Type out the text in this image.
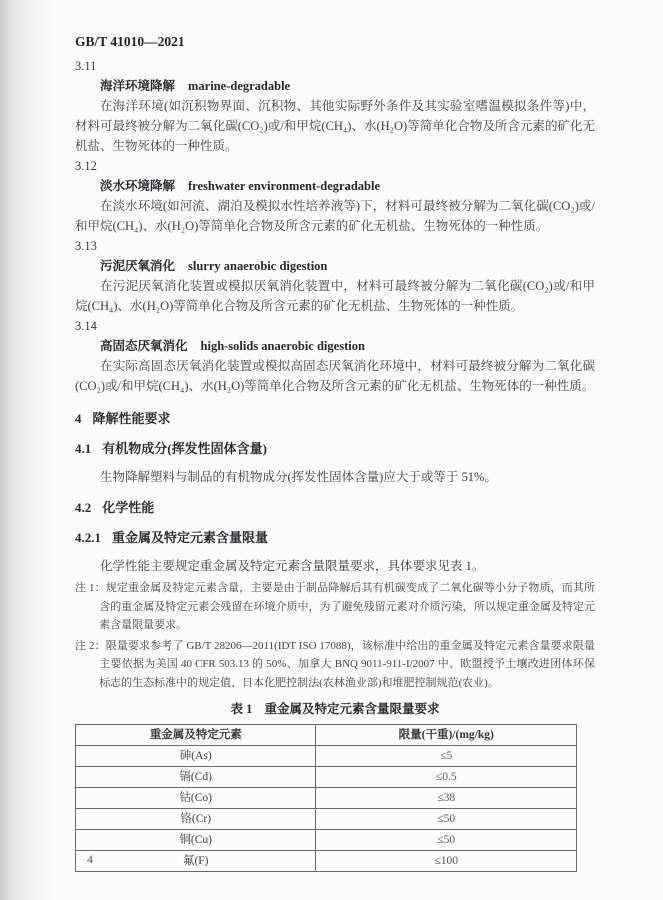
GB/T 41010—2021
3.11
海洋环境降解 marine-degradable
在海洋环境(如沉积物界面、沉积物、其他实际野外条件及其实验室嗜温模拟条件等)中，材料可最终被分解为二氧化碳(CO₂)或/和甲烷(CH₄)、水(H₂O)等简单化合物及所含元素的矿化无机盐、生物死体的一种性质。
3.12
淡水环境降解 freshwater environment-degradable
在淡水环境(如河流、湖泊及模拟水性培养液等)下，材料可最终被分解为二氧化碳(CO₂)或/和甲烷(CH₄)、水(H₂O)等简单化合物及所含元素的矿化无机盐、生物死体的一种性质。
3.13
污泥厌氧消化 slurry anaerobic digestion
在污泥厌氧消化装置或模拟厌氧消化装置中，材料可最终被分解为二氧化碳(CO₂)或/和甲烷(CH₄)、水(H₂O)等简单化合物及所含元素的矿化无机盐、生物死体的一种性质。
3.14
高固态厌氧消化 high-solids anaerobic digestion
在实际高固态厌氧消化装置或模拟高固态厌氧消化环境中，材料可最终被分解为二氧化碳(CO₂)或/和甲烷(CH₄)、水(H₂O)等简单化合物及所含元素的矿化无机盐、生物死体的一种性质。
4 降解性能要求
4.1 有机物成分(挥发性固体含量)
生物降解塑料与制品的有机物成分(挥发性固体含量)应大于或等于 51%。
4.2 化学性能
4.2.1 重金属及特定元素含量限量
化学性能主要规定重金属及特定元素含量限量要求，具体要求见表 1。
注 1：规定重金属及特定元素含量，主要是由于制品降解后其有机碳变成了二氧化碳等小分子物质，而其所含的重金属及特定元素会残留在环境介质中，为了避免残留元素对介质污染，所以规定重金属及特定元素含量限量要求。
注 2：限量要求参考了 GB/T 28206—2011(IDT ISO 17088)，该标准中给出的重金属及特定元素含量要求限量主要依据为美国 40 CFR 503.13 的 50%、加拿大 BNQ 9011-911-I/2007 中、欧盟授予土壤改进团体环保标志的生态标准中的规定值、日本化肥控制法(农林渔业部)和堆肥控制规范(农业)。
表 1 重金属及特定元素含量限量要求
重金属及特定元素	限量(干重)/(mg/kg)
砷(As)	≤5
镉(Cd)	≤0.5
钴(Co)	≤38
铬(Cr)	≤50
铜(Cu)	≤50
氟(F)	≤100
4
